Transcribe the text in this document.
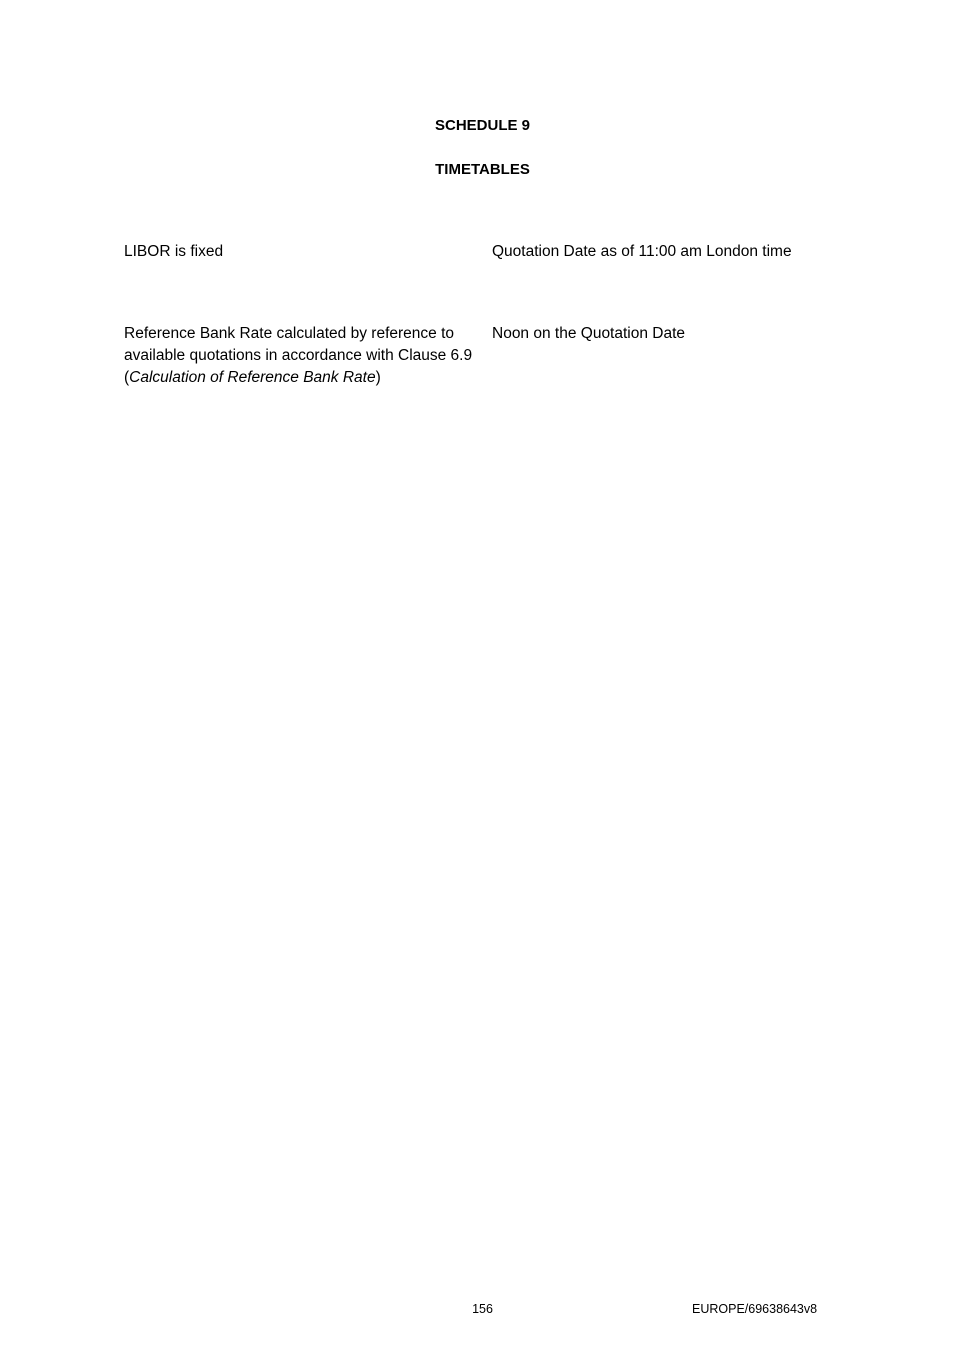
SCHEDULE 9
TIMETABLES
LIBOR is fixed	Quotation Date as of 11:00 am London time
Reference Bank Rate calculated by reference to available quotations in accordance with Clause 6.9 (Calculation of Reference Bank Rate)
Noon on the Quotation Date
156	EUROPE/69638643v8
